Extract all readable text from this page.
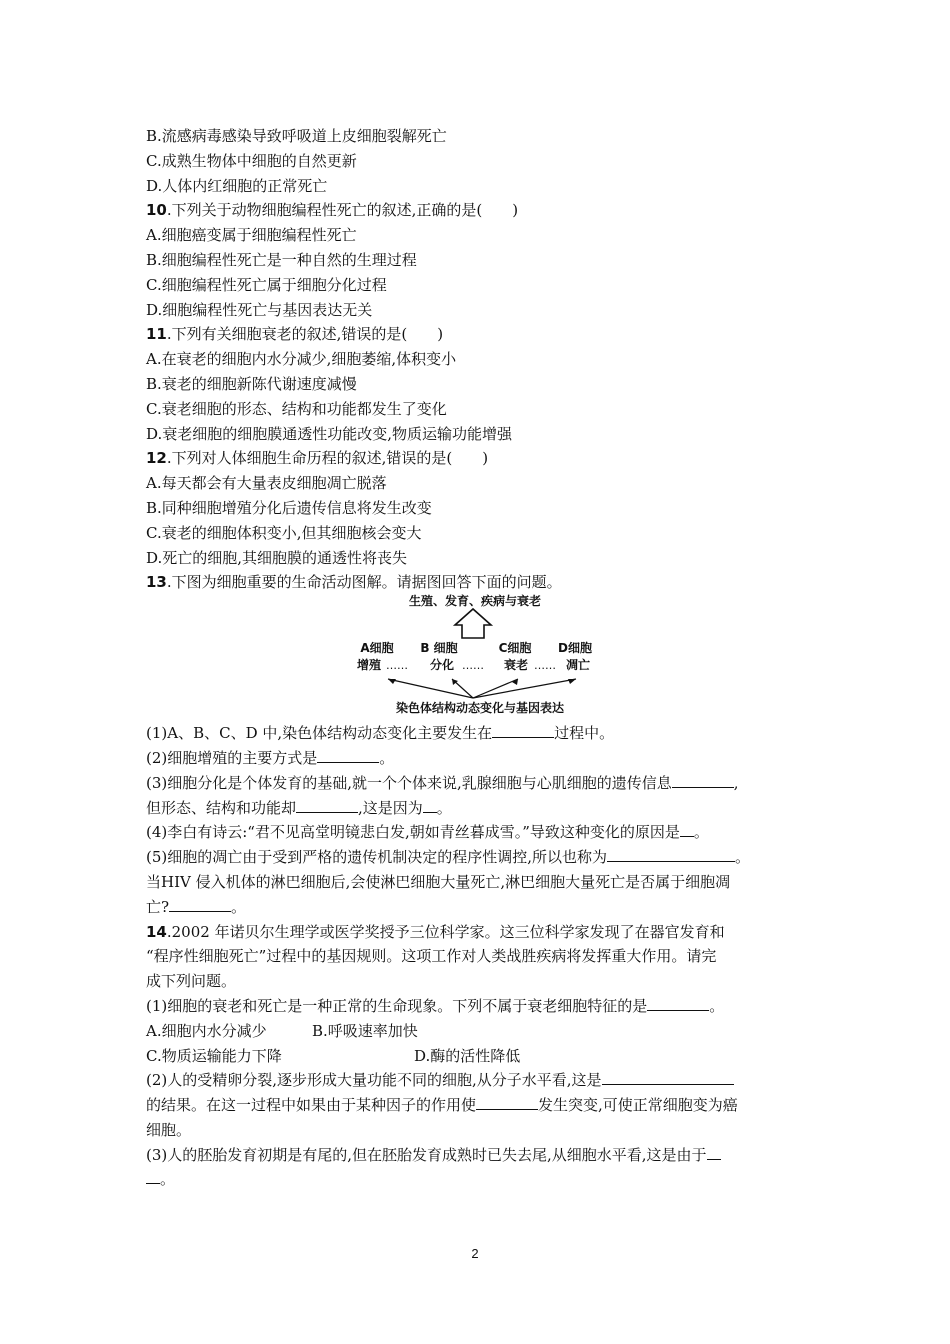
B.流感病毒感染导致呼吸道上皮细胞裂解死亡
C.成熟生物体中细胞的自然更新
D.人体内红细胞的正常死亡
10.下列关于动物细胞编程性死亡的叙述,正确的是(　　)
A.细胞癌变属于细胞编程性死亡
B.细胞编程性死亡是一种自然的生理过程
C.细胞编程性死亡属于细胞分化过程
D.细胞编程性死亡与基因表达无关
11.下列有关细胞衰老的叙述,错误的是(　　)
A.在衰老的细胞内水分减少,细胞萎缩,体积变小
B.衰老的细胞新陈代谢速度减慢
C.衰老细胞的形态、结构和功能都发生了变化
D.衰老细胞的细胞膜通透性功能改变,物质运输功能增强
12.下列对人体细胞生命历程的叙述,错误的是(　　)
A.每天都会有大量表皮细胞凋亡脱落
B.同种细胞增殖分化后遗传信息将发生改变
C.衰老的细胞体积变小,但其细胞核会变大
D.死亡的细胞,其细胞膜的通透性将丧失
13.下图为细胞重要的生命活动图解。请据图回答下面的问题。
生殖、发育、疾病与衰老
A细胞
增殖 ……
B 细胞
分化 ……
C细胞
衰老 ……
D细胞
凋亡
染色体结构动态变化与基因表达
(1)A、B、C、D 中,染色体结构动态变化主要发生在	过程中。
(2)细胞增殖的主要方式是	。
(3)细胞分化是个体发育的基础,就一个个体来说,乳腺细胞与心肌细胞的遗传信息	,
但形态、结构和功能却	,这是因为 。
(4)李白有诗云:“君不见高堂明镜悲白发,朝如青丝暮成雪。”导致这种变化的原因是 。
(5)细胞的凋亡由于受到严格的遗传机制决定的程序性调控,所以也称为	。
当HIV 侵入机体的淋巴细胞后,会使淋巴细胞大量死亡,淋巴细胞大量死亡是否属于细胞凋
亡?	。
14.2002 年诺贝尔生理学或医学奖授予三位科学家。这三位科学家发现了在器官发育和
“程序性细胞死亡”过程中的基因规则。这项工作对人类战胜疾病将发挥重大作用。请完
成下列问题。
(1)细胞的衰老和死亡是一种正常的生命现象。下列不属于衰老细胞特征的是	。
A.细胞内水分减少	B.呼吸速率加快
C.物质运输能力下降	D.酶的活性降低
(2)人的受精卵分裂,逐步形成大量功能不同的细胞,从分子水平看,这是
的结果。在这一过程中如果由于某种因子的作用使	发生突变,可使正常细胞变为癌
细胞。
(3)人的胚胎发育初期是有尾的,但在胚胎发育成熟时已失去尾,从细胞水平看,这是由于
。
2
